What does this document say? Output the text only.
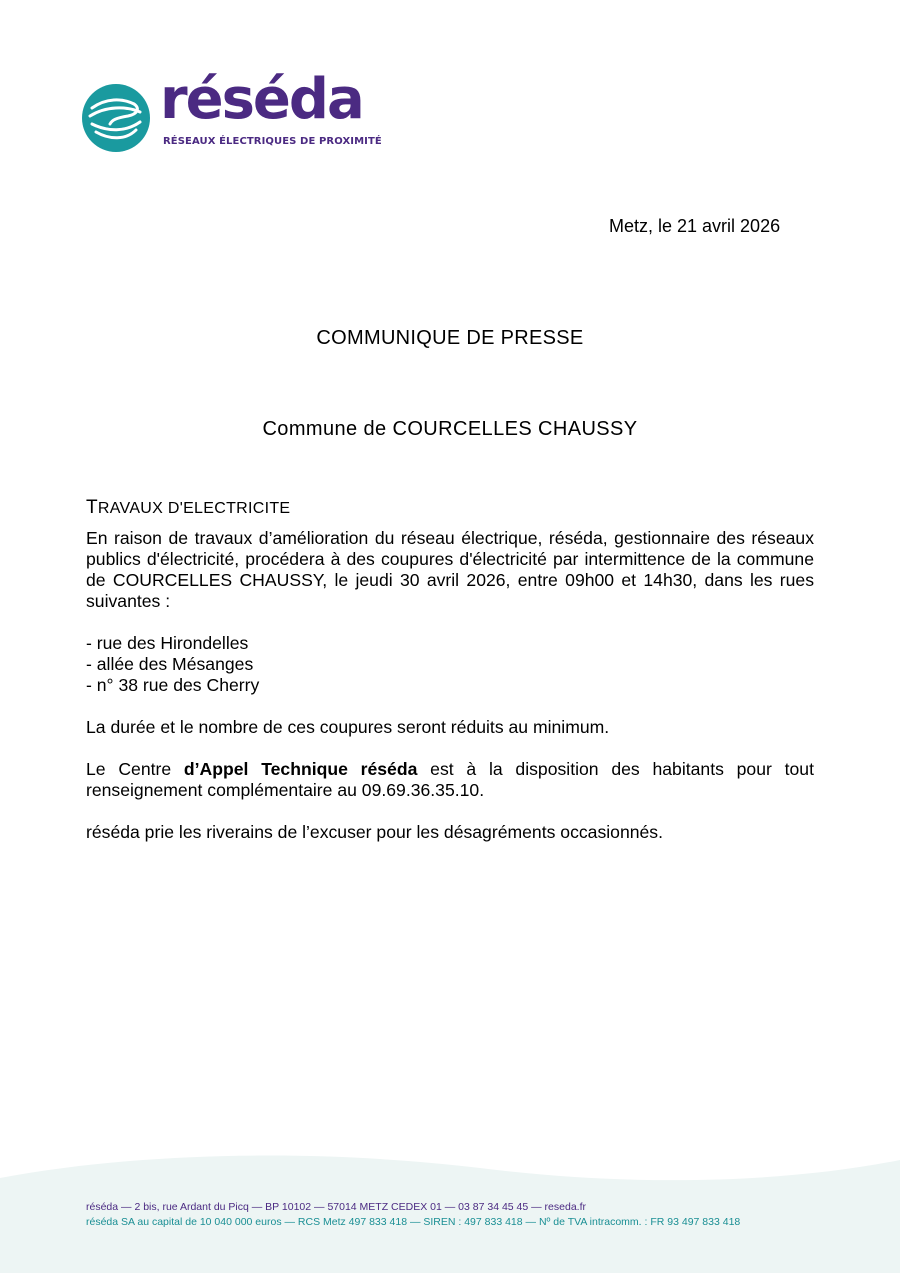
réséda
RÉSEAUX ÉLECTRIQUES DE PROXIMITÉ
Metz, le 21 avril 2026
COMMUNIQUE DE PRESSE
Commune de COURCELLES CHAUSSY
TRAVAUX D'ELECTRICITE

En raison de travaux d’amélioration du réseau électrique, réséda, gestionnaire des réseaux publics d'électricité, procédera à des coupures d'électricité par intermittence de la commune de COURCELLES CHAUSSY, le jeudi 30 avril 2026, entre 09h00 et 14h30, dans les rues suivantes :

- rue des Hirondelles

- allée des Mésanges

- n° 38 rue des Cherry

La durée et le nombre de ces coupures seront réduits au minimum.

Le Centre d’Appel Technique réséda est à la disposition des habitants pour tout renseignement complémentaire au 09.69.36.35.10.

réséda prie les riverains de l’excuser pour les désagréments occasionnés.

réséda — 2 bis, rue Ardant du Picq — BP 10102 — 57014 METZ CEDEX 01 — 03 87 34 45 45 — reseda.fr
réséda SA au capital de 10 040 000 euros — RCS Metz 497 833 418 — SIREN : 497 833 418 — Nº de TVA intracomm. : FR 93 497 833 418
